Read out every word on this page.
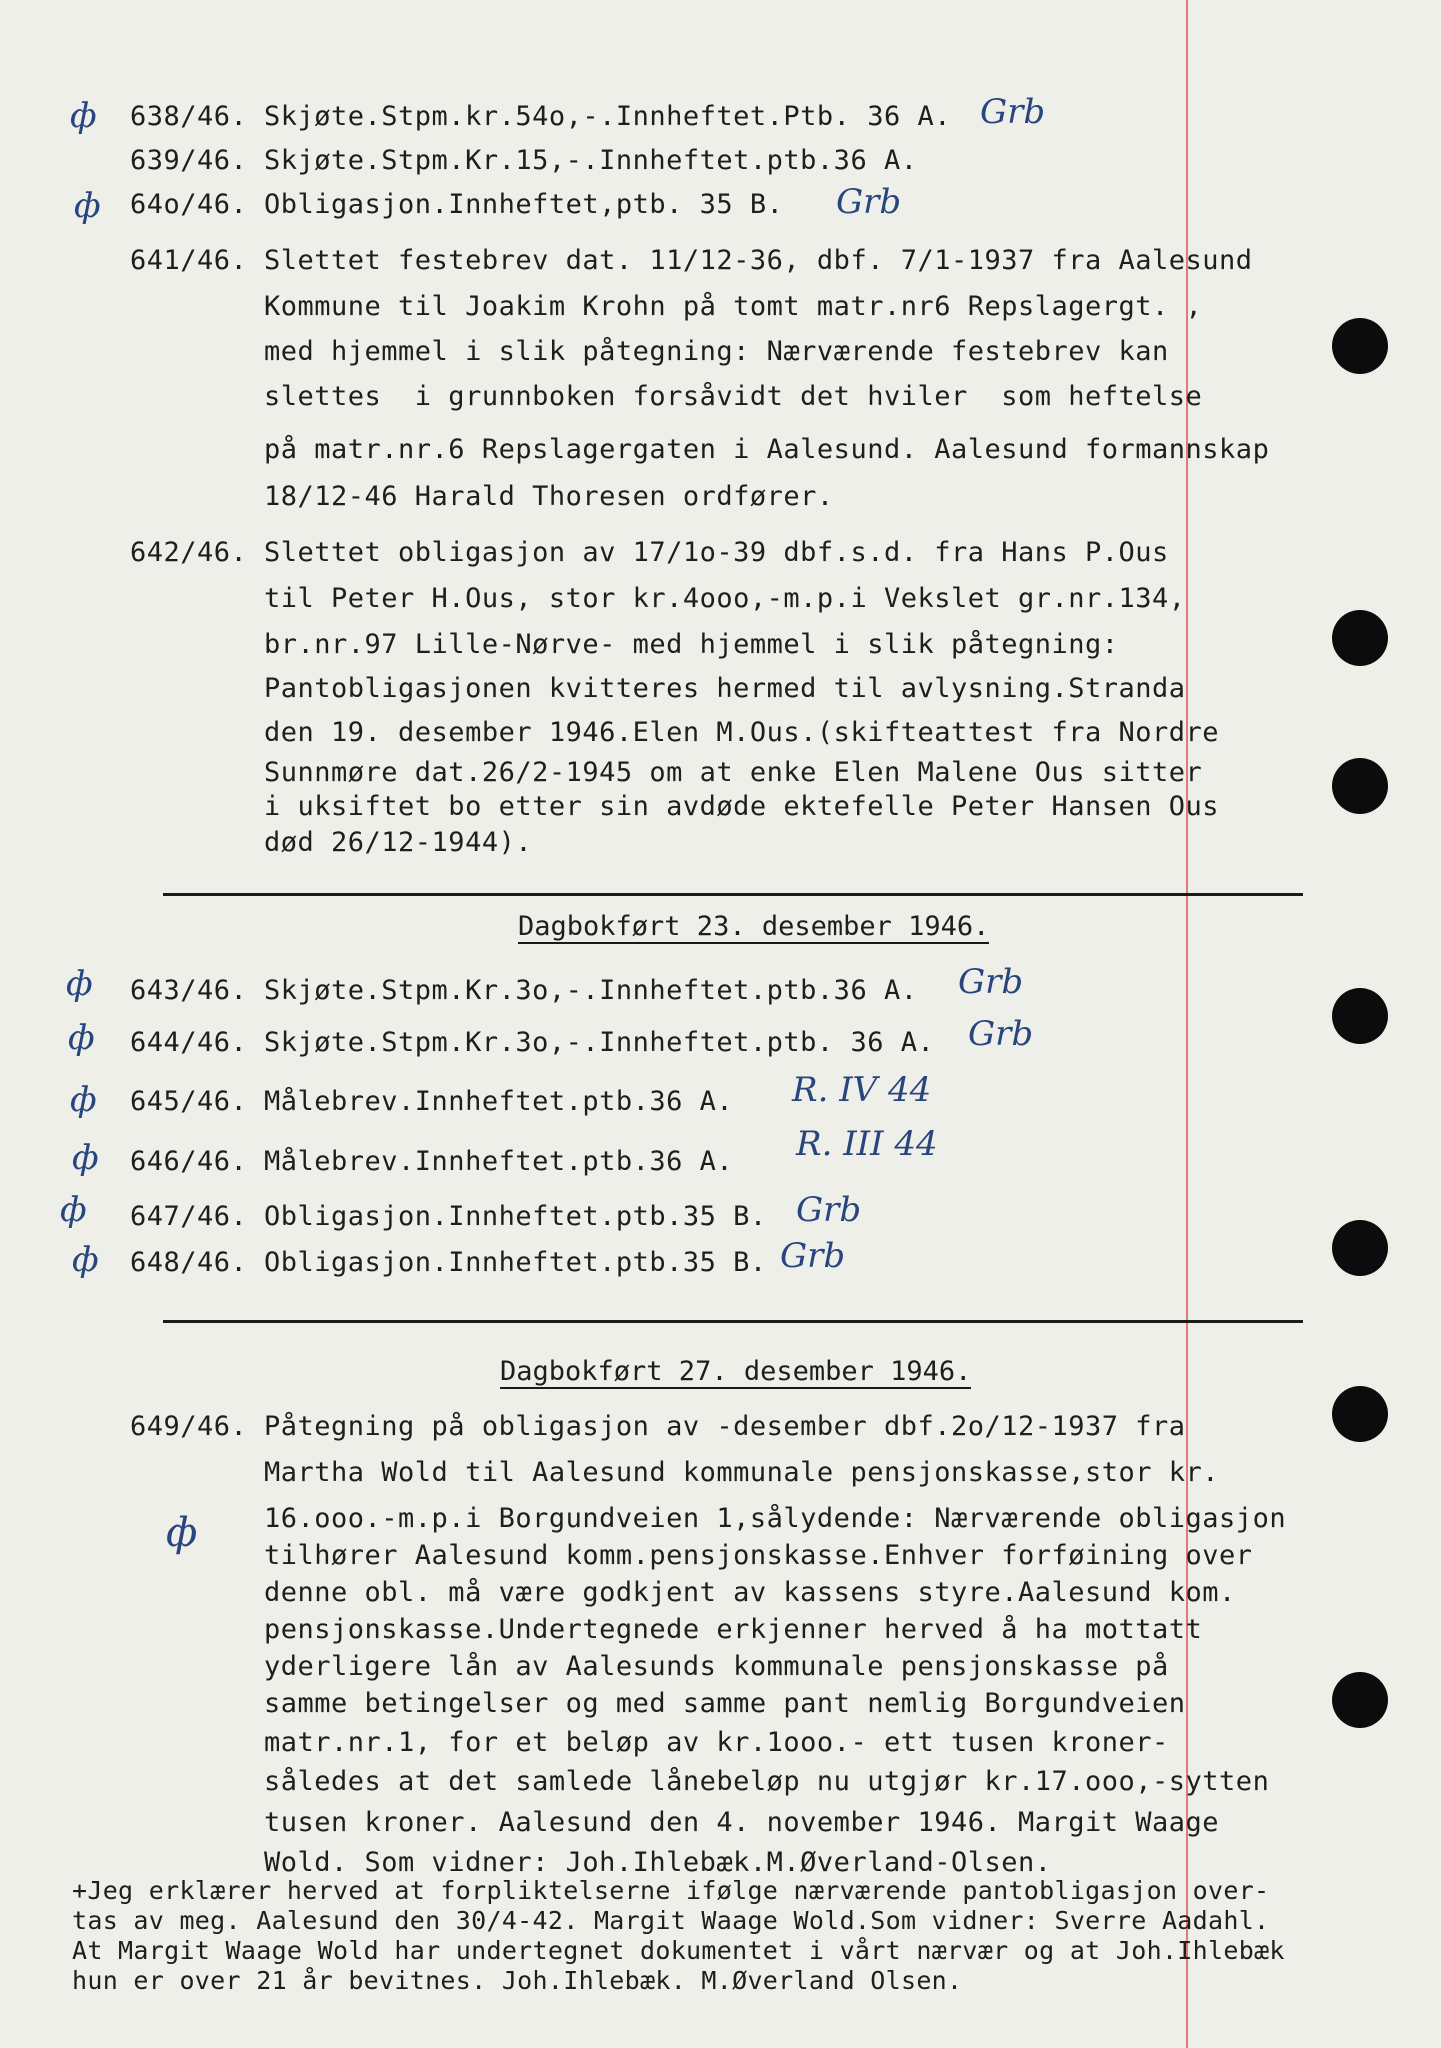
638/46. Skjøte.Stpm.kr.54o,-.Innheftet.Ptb. 36 A. Grb
ф
639/46. Skjøte.Stpm.Kr.15,-.Innheftet.ptb.36 A.
64o/46. Obligasjon.Innheftet,ptb. 35 B. Grb
ф
641/46. Slettet festebrev dat. 11/12-36, dbf. 7/1-1937 fra Aalesund
Kommune til Joakim Krohn på tomt matr.nr6 Repslagergt. ,
med hjemmel i slik påtegning: Nærværende festebrev kan
slettes  i grunnboken forsåvidt det hviler  som heftelse
på matr.nr.6 Repslagergaten i Aalesund. Aalesund formannskap
18/12-46 Harald Thoresen ordfører.
642/46. Slettet obligasjon av 17/1o-39 dbf.s.d. fra Hans P.Ous
til Peter H.Ous, stor kr.4ooo,-m.p.i Vekslet gr.nr.134,
br.nr.97 Lille-Nørve- med hjemmel i slik påtegning:
Pantobligasjonen kvitteres hermed til avlysning.Stranda
den 19. desember 1946.Elen M.Ous.(skifteattest fra Nordre
Sunnmøre dat.26/2-1945 om at enke Elen Malene Ous sitter
i uksiftet bo etter sin avdøde ektefelle Peter Hansen Ous
død 26/12-1944).
Dagbokført 23. desember 1946.
643/46. Skjøte.Stpm.Kr.3o,-.Innheftet.ptb.36 A. Grb
644/46. Skjøte.Stpm.Kr.3o,-.Innheftet.ptb. 36 A. Grb
645/46. Målebrev.Innheftet.ptb.36 A. R. IV 44
646/46. Målebrev.Innheftet.ptb.36 A. R. III 44
647/46. Obligasjon.Innheftet.ptb.35 B. Grb
648/46. Obligasjon.Innheftet.ptb.35 B. Grb
ф
ф
ф
ф
ф
ф
Dagbokført 27. desember 1946.
649/46. Påtegning på obligasjon av -desember dbf.2o/12-1937 fra
Martha Wold til Aalesund kommunale pensjonskasse,stor kr.
16.ooo.-m.p.i Borgundveien 1,sålydende: Nærværende obligasjon
tilhører Aalesund komm.pensjonskasse.Enhver forføining over
denne obl. må være godkjent av kassens styre.Aalesund kom.
pensjonskasse.Undertegnede erkjenner herved å ha mottatt
yderligere lån av Aalesunds kommunale pensjonskasse på
samme betingelser og med samme pant nemlig Borgundveien
matr.nr.1, for et beløp av kr.1ooo.- ett tusen kroner-
således at det samlede lånebeløp nu utgjør kr.17.ooo,-sytten
tusen kroner. Aalesund den 4. november 1946. Margit Waage
Wold. Som vidner: Joh.Ihlebæk.M.Øverland-Olsen.
ф
+Jeg erklærer herved at forpliktelserne ifølge nærværende pantobligasjon over-
tas av meg. Aalesund den 30/4-42. Margit Waage Wold.Som vidner: Sverre Aadahl.
At Margit Waage Wold har undertegnet dokumentet i vårt nærvær og at Joh.Ihlebæk
hun er over 21 år bevitnes. Joh.Ihlebæk. M.Øverland Olsen.
